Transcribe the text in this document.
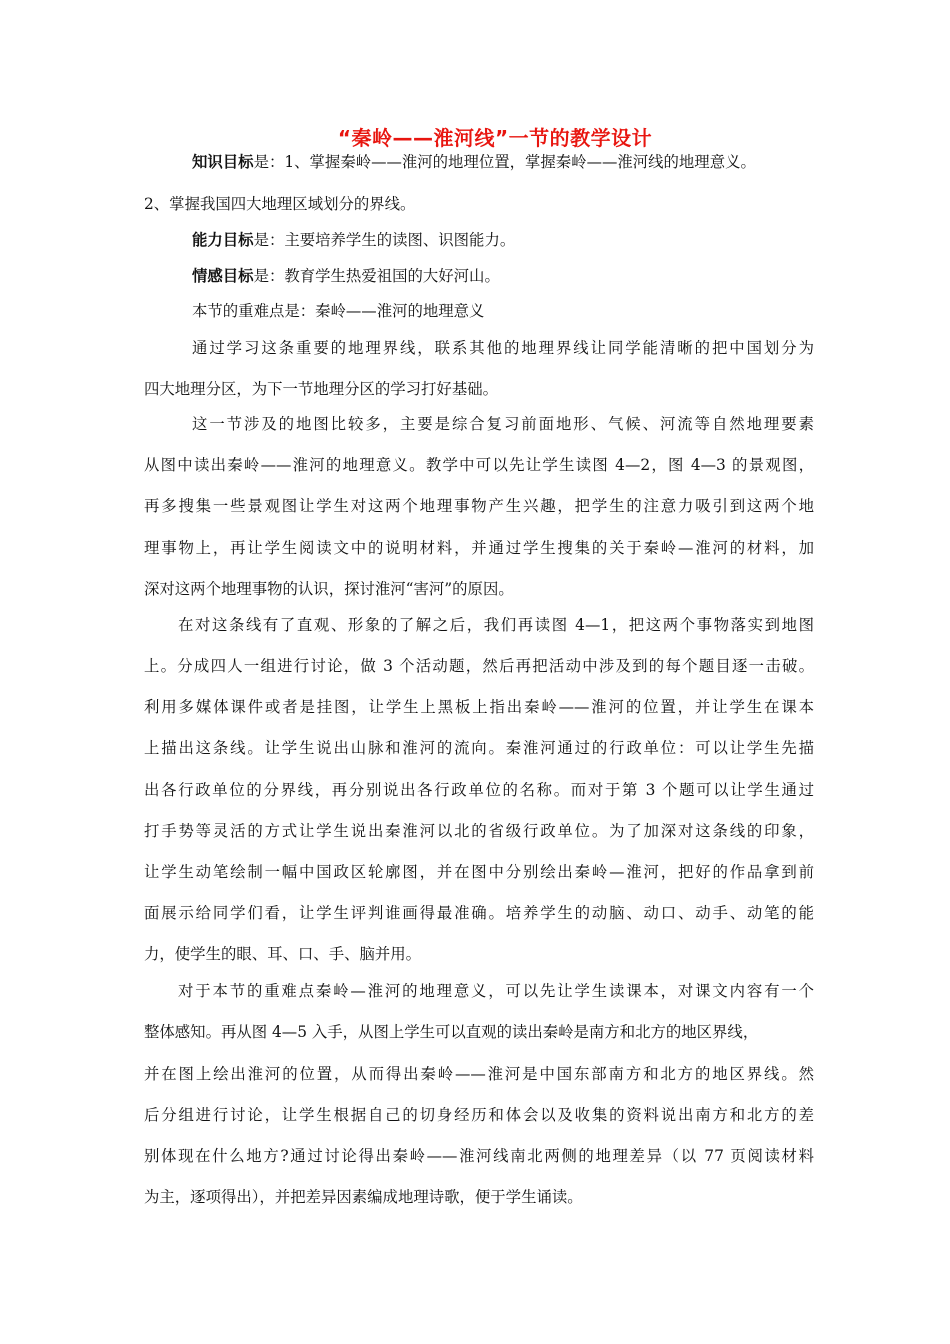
“秦岭——淮河线”一节的教学设计
知识目标是：1、掌握秦岭——淮河的地理位置，掌握秦岭——淮河线的地理意义。
2、掌握我国四大地理区域划分的界线。
能力目标是：主要培养学生的读图、识图能力。
情感目标是：教育学生热爱祖国的大好河山。
本节的重难点是：秦岭——淮河的地理意义
通过学习这条重要的地理界线，联系其他的地理界线让同学能清晰的把中国划分为
四大地理分区，为下一节地理分区的学习打好基础。
这一节涉及的地图比较多，主要是综合复习前面地形、气候、河流等自然地理要素
从图中读出秦岭——淮河的地理意义。教学中可以先让学生读图 4—2，图 4—3 的景观图，
再多搜集一些景观图让学生对这两个地理事物产生兴趣，把学生的注意力吸引到这两个地
理事物上，再让学生阅读文中的说明材料，并通过学生搜集的关于秦岭—淮河的材料，加
深对这两个地理事物的认识，探讨淮河“害河”的原因。
在对这条线有了直观、形象的了解之后，我们再读图 4—1，把这两个事物落实到地图
上。分成四人一组进行讨论，做 3 个活动题，然后再把活动中涉及到的每个题目逐一击破。
利用多媒体课件或者是挂图，让学生上黑板上指出秦岭——淮河的位置，并让学生在课本
上描出这条线。让学生说出山脉和淮河的流向。秦淮河通过的行政单位：可以让学生先描
出各行政单位的分界线，再分别说出各行政单位的名称。而对于第 3 个题可以让学生通过
打手势等灵活的方式让学生说出秦淮河以北的省级行政单位。为了加深对这条线的印象，
让学生动笔绘制一幅中国政区轮廓图，并在图中分别绘出秦岭—淮河，把好的作品拿到前
面展示给同学们看，让学生评判谁画得最准确。培养学生的动脑、动口、动手、动笔的能
力，使学生的眼、耳、口、手、脑并用。
对于本节的重难点秦岭—淮河的地理意义，可以先让学生读课本，对课文内容有一个
整体感知。再从图 4—5 入手，从图上学生可以直观的读出秦岭是南方和北方的地区界线，
并在图上绘出淮河的位置，从而得出秦岭——淮河是中国东部南方和北方的地区界线。然
后分组进行讨论，让学生根据自己的切身经历和体会以及收集的资料说出南方和北方的差
别体现在什么地方?通过讨论得出秦岭——淮河线南北两侧的地理差异（以 77 页阅读材料
为主，逐项得出），并把差异因素编成地理诗歌，便于学生诵读。
